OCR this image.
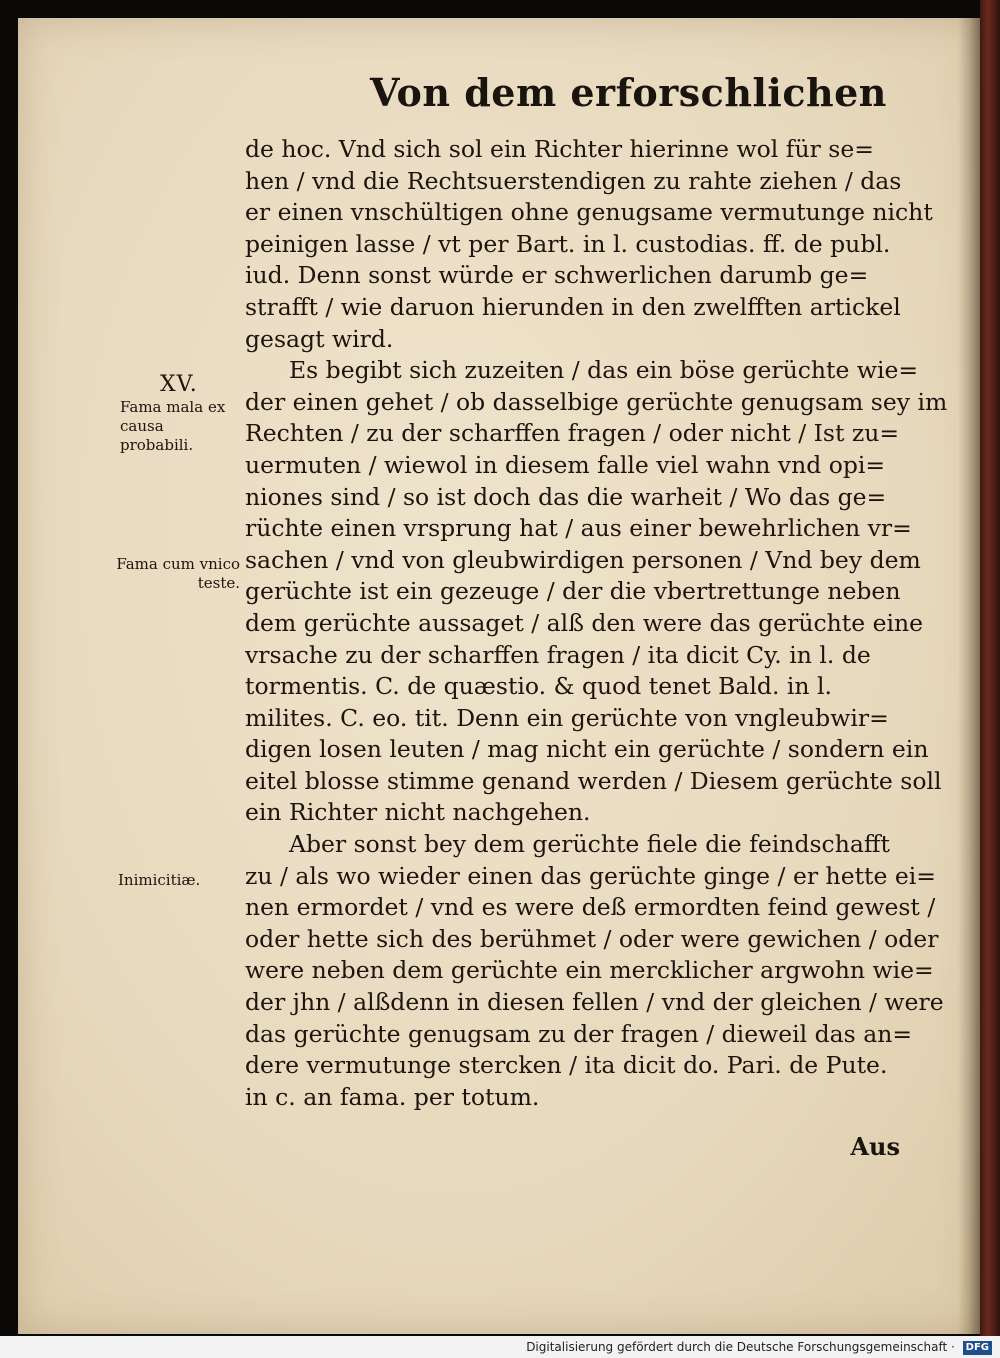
Von dem erforschlichen
XV.
Fama mala ex causa probabili.
Fama cum vnico teste.
Inimicitiæ.
de hoc. Vnd sich sol ein Richter hierinne wol für se=
hen / vnd die Rechtsuerstendigen zu rahte ziehen / das
er einen vnschültigen ohne genugsame vermutunge nicht
peinigen lasse / vt per Bart. in l. custodias. ff. de publ.
iud. Denn sonst würde er schwerlichen darumb ge=
strafft / wie daruon hierunden in den zwelfften artickel
gesagt wird.
Es begibt sich zuzeiten / das ein böse gerüchte wie=
der einen gehet / ob dasselbige gerüchte genugsam sey im
Rechten / zu der scharffen fragen / oder nicht / Ist zu=
uermuten / wiewol in diesem falle viel wahn vnd opi=
niones sind / so ist doch das die warheit / Wo das ge=
rüchte einen vrsprung hat / aus einer bewehrlichen vr=
sachen / vnd von gleubwirdigen personen / Vnd bey dem
gerüchte ist ein gezeuge / der die vbertrettunge neben
dem gerüchte aussaget / alß den were das gerüchte eine
vrsache zu der scharffen fragen / ita dicit Cy. in l. de
tormentis. C. de quæstio. & quod tenet Bald. in l.
milites. C. eo. tit. Denn ein gerüchte von vngleubwir=
digen losen leuten / mag nicht ein gerüchte / sondern ein
eitel blosse stimme genand werden / Diesem gerüchte soll
ein Richter nicht nachgehen.
Aber sonst bey dem gerüchte fiele die feindschafft
zu / als wo wieder einen das gerüchte ginge / er hette ei=
nen ermordet / vnd es were deß ermordten feind gewest /
oder hette sich des berühmet / oder were gewichen / oder
were neben dem gerüchte ein mercklicher argwohn wie=
der jhn / alßdenn in diesen fellen / vnd der gleichen / were
das gerüchte genugsam zu der fragen / dieweil das an=
dere vermutunge stercken / ita dicit do. Pari. de Pute.
in c. an fama. per totum.
Aus
Digitalisierung gefördert durch die Deutsche Forschungsgemeinschaft · DFG
